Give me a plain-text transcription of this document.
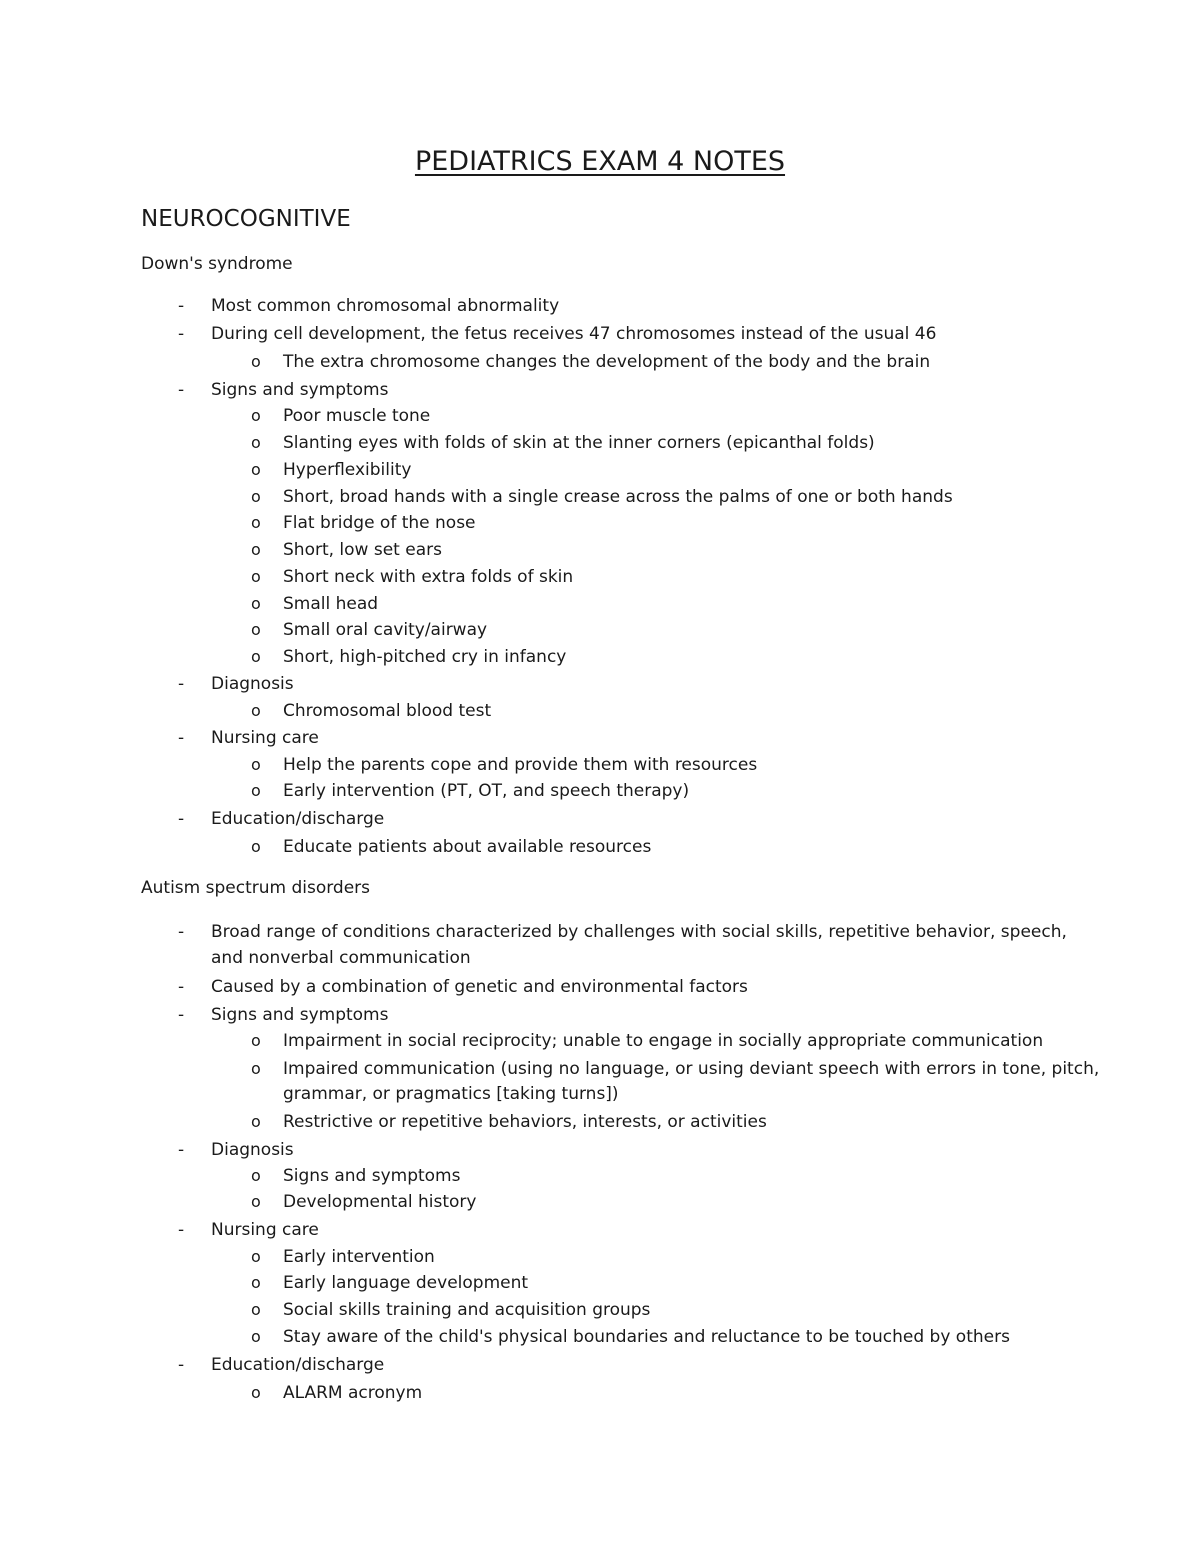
PEDIATRICS EXAM 4 NOTES
NEUROCOGNITIVE
Down's syndrome
- Most common chromosomal abnormality
- During cell development, the fetus receives 47 chromosomes instead of the usual 46
o The extra chromosome changes the development of the body and the brain
- Signs and symptoms
o Poor muscle tone
o Slanting eyes with folds of skin at the inner corners (epicanthal folds)
o Hyperflexibility
o Short, broad hands with a single crease across the palms of one or both hands
o Flat bridge of the nose
o Short, low set ears
o Short neck with extra folds of skin
o Small head
o Small oral cavity/airway
o Short, high-pitched cry in infancy
- Diagnosis
o Chromosomal blood test
- Nursing care
o Help the parents cope and provide them with resources
o Early intervention (PT, OT, and speech therapy)
- Education/discharge
o Educate patients about available resources
Autism spectrum disorders
- Broad range of conditions characterized by challenges with social skills, repetitive behavior, speech,
and nonverbal communication
- Caused by a combination of genetic and environmental factors
- Signs and symptoms
o Impairment in social reciprocity; unable to engage in socially appropriate communication
o Impaired communication (using no language, or using deviant speech with errors in tone, pitch,
grammar, or pragmatics [taking turns])
o Restrictive or repetitive behaviors, interests, or activities
- Diagnosis
o Signs and symptoms
o Developmental history
- Nursing care
o Early intervention
o Early language development
o Social skills training and acquisition groups
o Stay aware of the child's physical boundaries and reluctance to be touched by others
- Education/discharge
o ALARM acronym
